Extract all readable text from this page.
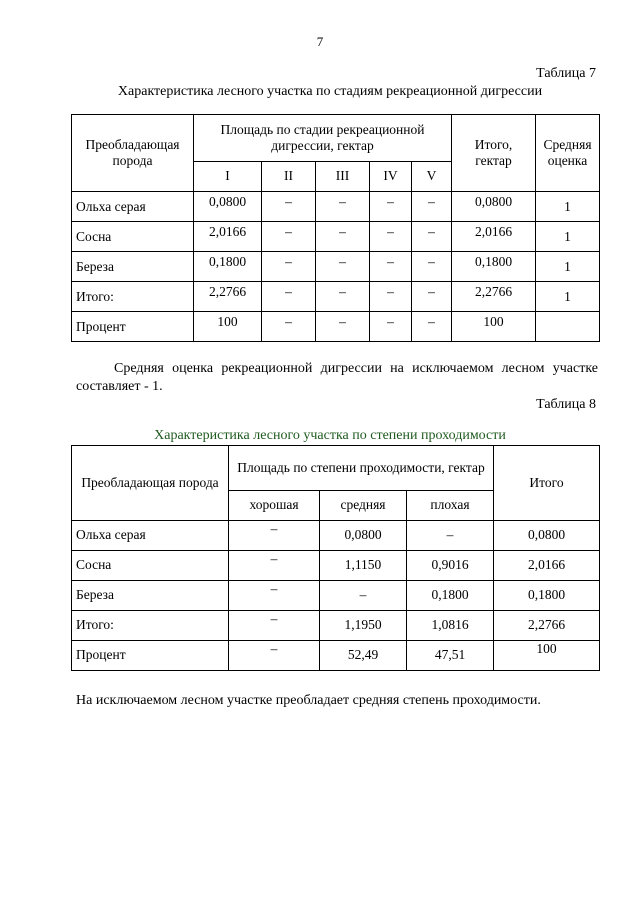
7
Таблица 7
Характеристика лесного участка по стадиям рекреационной дигрессии
Преобладающая порода	Площадь по стадии рекреационной дигрессии, гектар					Итого, гектар	Средняя оценка
	I	II	III	IV	V		
Ольха серая	0,0800	–	–	–	–	0,0800	1
Сосна	2,0166	–	–	–	–	2,0166	1
Береза	0,1800	–	–	–	–	0,1800	1
Итого:	2,2766	–	–	–	–	2,2766	1
Процент	100	–	–	–	–	100	
Средняя оценка рекреационной дигрессии на исключаемом лесном участке составляет - 1.
Таблица 8
Характеристика лесного участка по степени проходимости
Преобладающая порода	Площадь по степени проходимости, гектар			Итого
	хорошая	средняя	плохая	
Ольха серая	–	0,0800	–	0,0800
Сосна	–	1,1150	0,9016	2,0166
Береза	–	–	0,1800	0,1800
Итого:	–	1,1950	1,0816	2,2766
Процент	–	52,49	47,51	100
На исключаемом лесном участке преобладает средняя степень проходимости.
